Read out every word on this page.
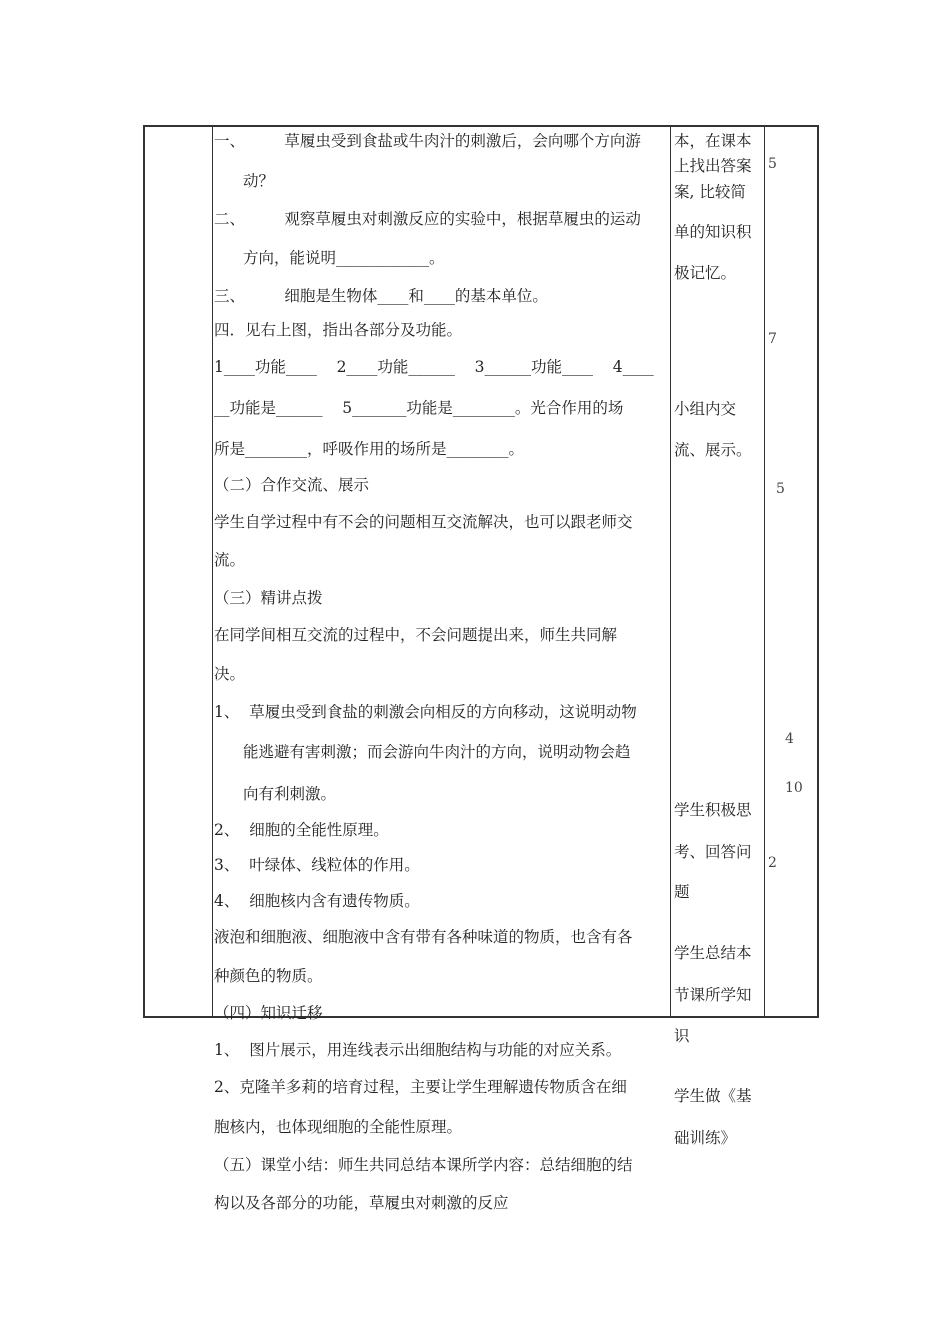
一、        草履虫受到食盐或牛肉汁的刺激后，会向哪个方向游
动？
二、        观察草履虫对刺激反应的实验中，根据草履虫的运动
方向，能说明____________。
三、        细胞是生物体____和____的基本单位。
四．见右上图，指出各部分及功能。
1____功能____    2____功能______    3______功能____    4____
__功能是______    5_______功能是________。光合作用的场
所是________，呼吸作用的场所是________。
（二）合作交流、展示
学生自学过程中有不会的问题相互交流解决，也可以跟老师交
流。
（三）精讲点拨
在同学间相互交流的过程中，不会问题提出来，师生共同解
决。
1、  草履虫受到食盐的刺激会向相反的方向移动，这说明动物
能逃避有害刺激；而会游向牛肉汁的方向，说明动物会趋
向有利刺激。
2、  细胞的全能性原理。
3、  叶绿体、线粒体的作用。
4、  细胞核内含有遗传物质。
液泡和细胞液、细胞液中含有带有各种味道的物质，也含有各
种颜色的物质。
（四）知识迁移
1、  图片展示，用连线表示出细胞结构与功能的对应关系。
2、克隆羊多莉的培育过程，主要让学生理解遗传物质含在细
胞核内，也体现细胞的全能性原理。
（五）课堂小结：师生共同总结本课所学内容：总结细胞的结
构以及各部分的功能，草履虫对刺激的反应
本，在课本
上找出答案
案, 比较简
单的知识积
极记忆。
小组内交
流、展示。
学生积极思
考、回答问
题
学生总结本
节课所学知
识
学生做《基
础训练》
5
7
5
4
10
2
